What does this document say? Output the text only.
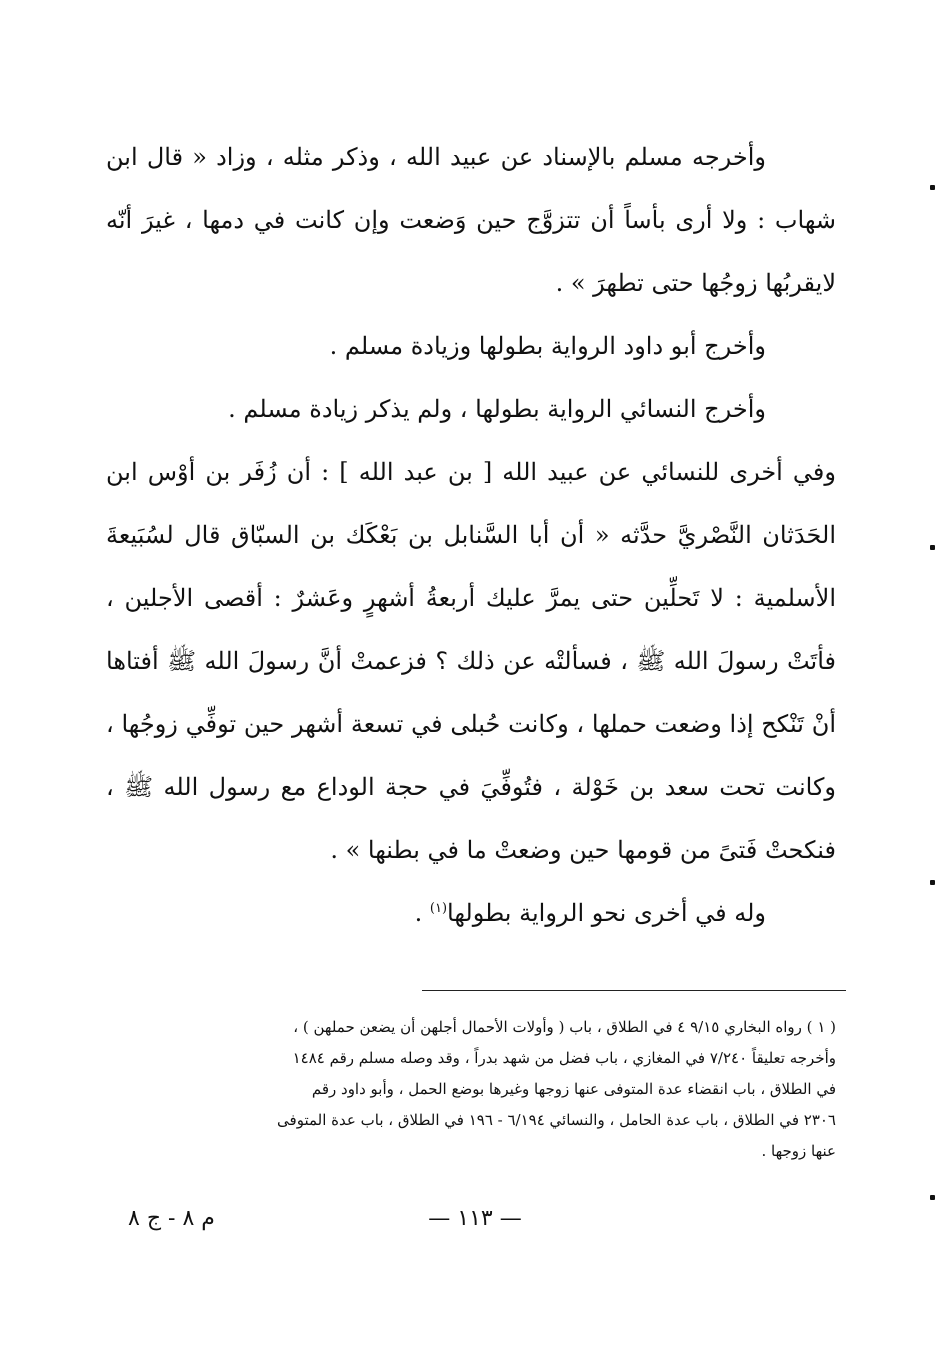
وأخرجه مسلم بالإسناد عن عبيد الله ، وذكر مثله ، وزاد « قال ابن شهاب : ولا أرى بأساً أن تتزوَّج حين وَضعت وإن كانت في دمها ، غيرَ أنّه لايقربُها زوجُها حتى تطهرَ » .

وأخرج أبو داود الرواية بطولها وزيادة مسلم .

وأخرج النسائي الرواية بطولها ، ولم يذكر زيادة مسلم .

وفي أخرى للنسائي عن عبيد الله [ بن عبد الله ] : أن زُفَر بن أوْس ابن الحَدَثان النَّصْريَّ حدَّثه « أن أبا السَّنابل بن بَعْكَك بن السبّاق قال لسُبَيعةَ الأسلمية : لا تَحلِّين حتى يمرَّ عليك أربعةُ أشهرٍ وعَشرٌ : أقصى الأجلين ، فأتَتْ رسولَ الله ﷺ ، فسألتْه عن ذلك ؟ فزعمتْ أنَّ رسولَ الله ﷺ أفتاها أنْ تَنْكح إذا وضعت حملها ، وكانت حُبلى في تسعة أشهر حين توفِّي زوجُها ، وكانت تحت سعد بن خَوْلة ، فتُوفِّيَ في حجة الوداع مع رسول الله ﷺ ، فنكحتْ فَتىً من قومها حين وضعتْ ما في بطنها » .

وله في أخرى نحو الرواية بطولها$^{(١)}$ .

( ١ ) رواه البخاري ٩/١٥ ٤ في الطلاق ، باب ( وأولات الأحمال أجلهن أن يضعن حملهن ) ،

وأخرجه تعليقاً ٧/٢٤٠ في المغازي ، باب فضل من شهد بدراً ، وقد وصله مسلم رقم ١٤٨٤

في الطلاق ، باب انقضاء عدة المتوفى عنها زوجها وغيرها بوضع الحمل ، وأبو داود رقم

٢٣٠٦ في الطلاق ، باب عدة الحامل ، والنسائي ٦/١٩٤ - ١٩٦ في الطلاق ، باب عدة المتوفى

عنها زوجها .

— ١١٣ —
م ٨ - ج ٨
